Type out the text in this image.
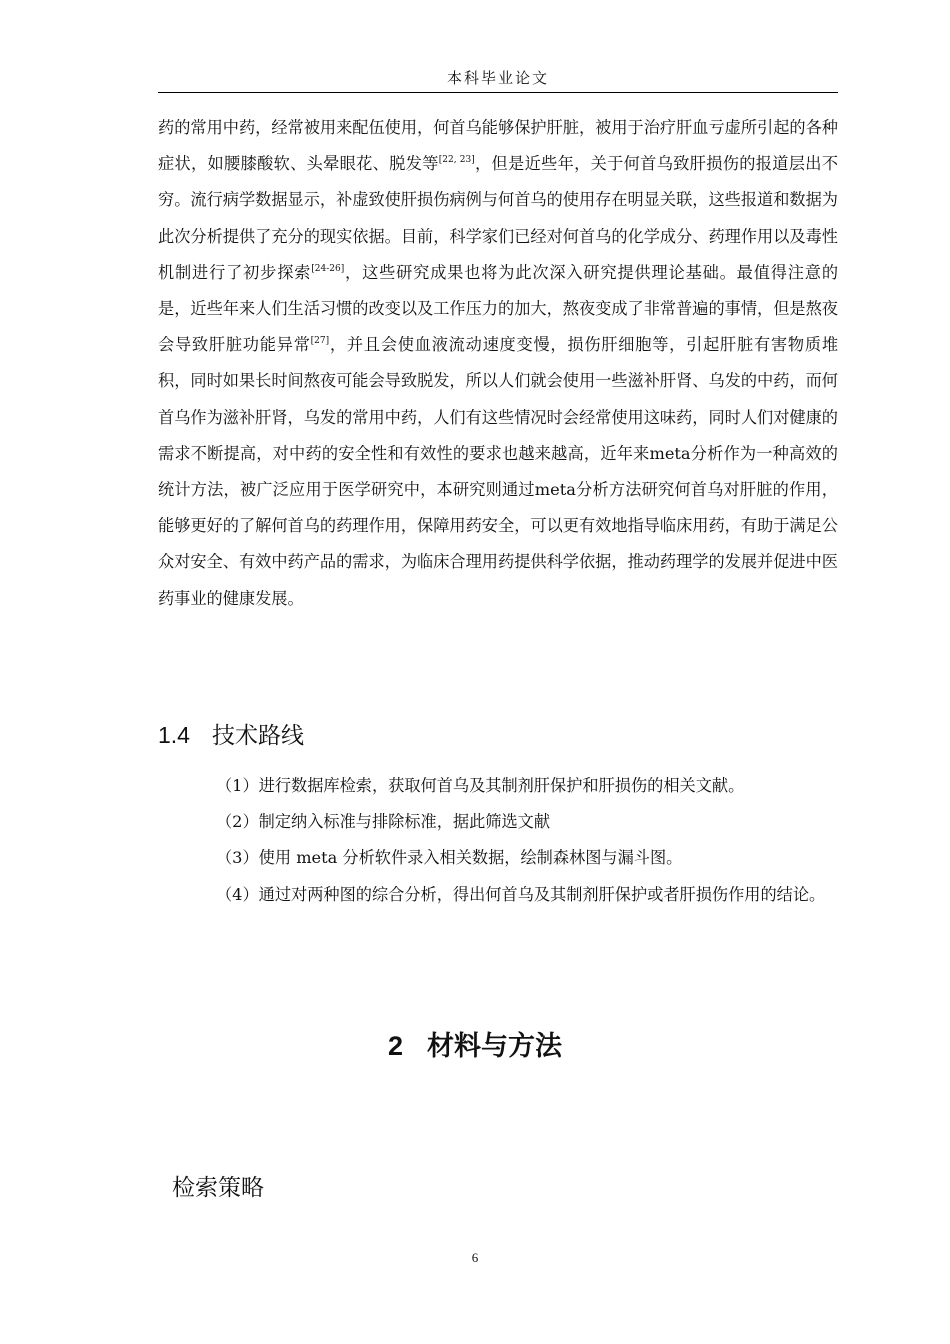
本科毕业论文

药的常用中药，经常被用来配伍使用，何首乌能够保护肝脏，被用于治疗肝血亏虚所引起的各种症状，如腰膝酸软、头晕眼花、脱发等[22, 23]，但是近些年，关于何首乌致肝损伤的报道层出不穷。流行病学数据显示，补虚致使肝损伤病例与何首乌的使用存在明显关联，这些报道和数据为此次分析提供了充分的现实依据。目前，科学家们已经对何首乌的化学成分、药理作用以及毒性机制进行了初步探索[24-26]，这些研究成果也将为此次深入研究提供理论基础。最值得注意的是，近些年来人们生活习惯的改变以及工作压力的加大，熬夜变成了非常普遍的事情，但是熬夜会导致肝脏功能异常[27]，并且会使血液流动速度变慢，损伤肝细胞等，引起肝脏有害物质堆积，同时如果长时间熬夜可能会导致脱发，所以人们就会使用一些滋补肝肾、乌发的中药，而何首乌作为滋补肝肾，乌发的常用中药，人们有这些情况时会经常使用这味药，同时人们对健康的需求不断提高，对中药的安全性和有效性的要求也越来越高，近年来meta分析作为一种高效的统计方法，被广泛应用于医学研究中，本研究则通过meta分析方法研究何首乌对肝脏的作用，能够更好的了解何首乌的药理作用，保障用药安全，可以更有效地指导临床用药，有助于满足公众对安全、有效中药产品的需求，为临床合理用药提供科学依据，推动药理学的发展并促进中医药事业的健康发展。

1.4 技术路线

（1）进行数据库检索，获取何首乌及其制剂肝保护和肝损伤的相关文献。

（2）制定纳入标准与排除标准，据此筛选文献

（3）使用 meta 分析软件录入相关数据，绘制森林图与漏斗图。

（4）通过对两种图的综合分析，得出何首乌及其制剂肝保护或者肝损伤作用的结论。

2 材料与方法
检索策略
6
